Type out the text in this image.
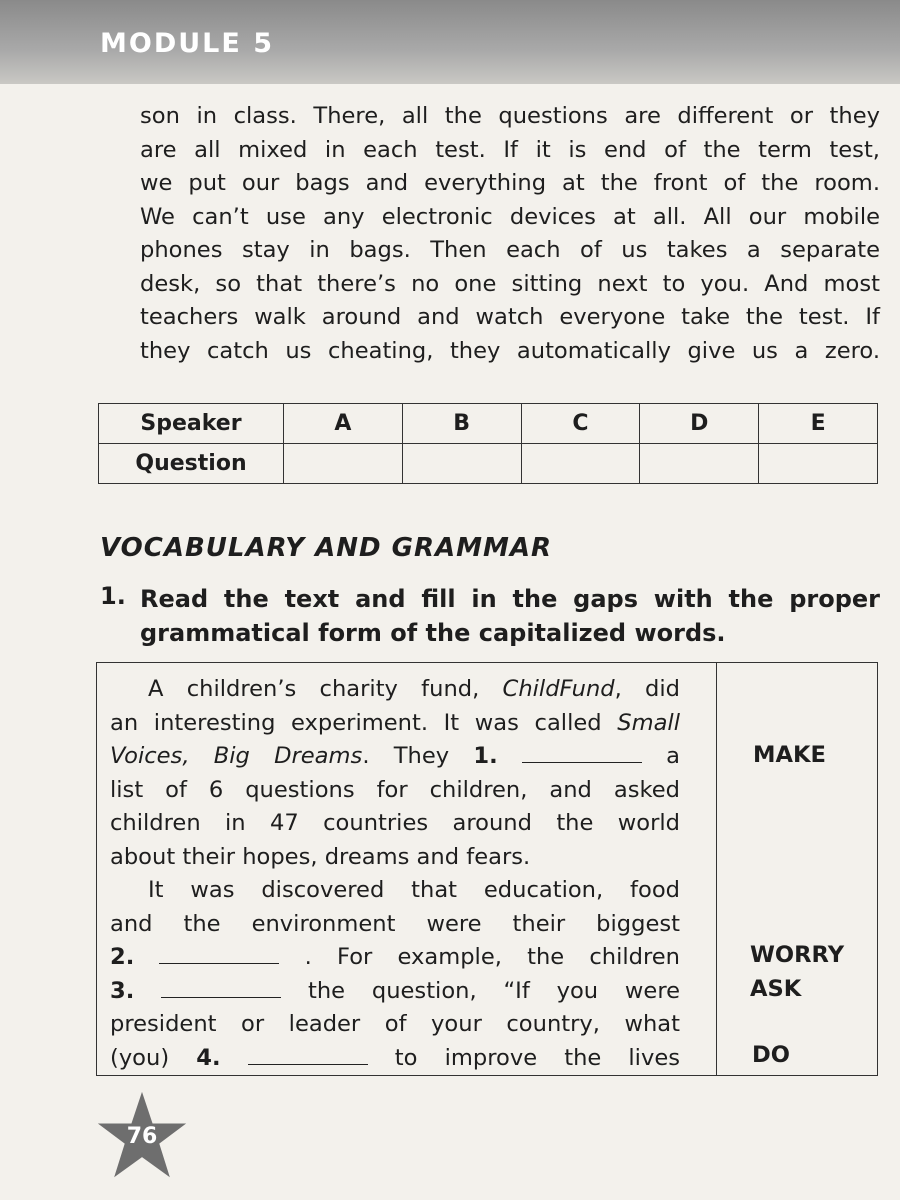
MODULE 5
son in class. There, all the questions are different or they
are all mixed in each test. If it is end of the term test,
we put our bags and everything at the front of the room.
We can’t use any electronic devices at all. All our mobile
phones stay in bags. Then each of us takes a separate
desk, so that there’s no one sitting next to you. And most
teachers walk around and watch everyone take the test. If
they catch us cheating, they automatically give us a zero.
Speaker	A	B	C	D	E
Question					
VOCABULARY AND GRAMMAR
1. Read the text and fill in the gaps with the proper
grammatical form of the capitalized words.
A children’s charity fund, ChildFund, did
an interesting experiment. It was called Small
Voices, Big Dreams. They 1.	a
list of 6 questions for children, and asked
children in 47 countries around the world
about their hopes, dreams and fears.
It was discovered that education, food
and the environment were their biggest
2.	. For example, the children
3.	the question, “If you were
president or leader of your country, what
(you) 4.	to improve the lives
MAKE
WORRY
ASK
DO
76
